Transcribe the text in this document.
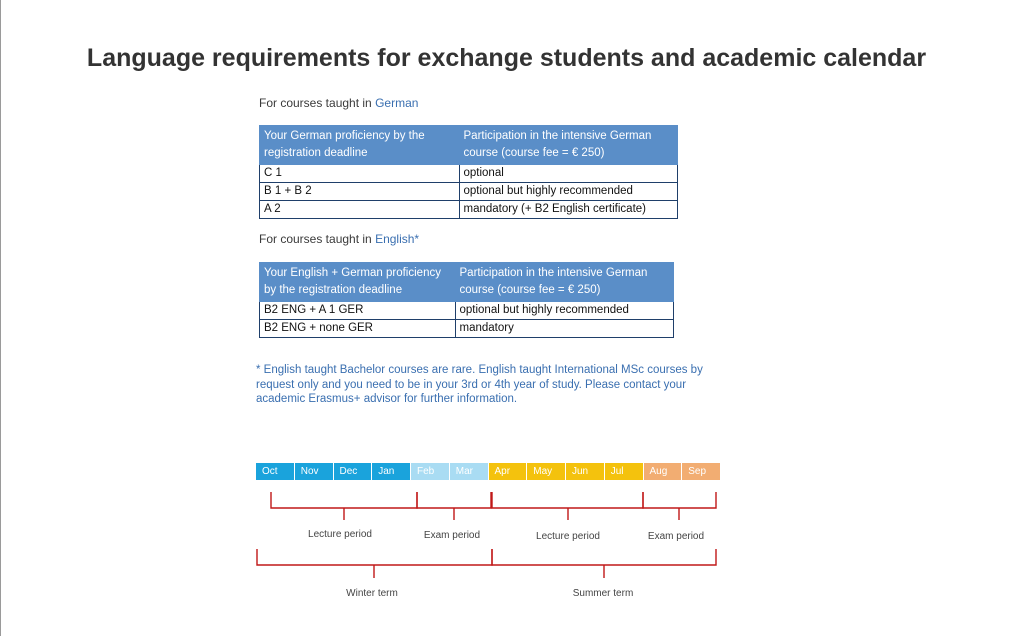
Language requirements for exchange students and academic calendar
For courses taught in German
Your German proficiency by the registration deadline	Participation in the intensive German course (course fee = € 250)
C 1	optional
B 1 + B 2	optional but highly recommended
A 2	mandatory (+ B2 English certificate)
For courses taught in English*
Your English + German proficiency by the registration deadline	Participation in the intensive German course (course fee = € 250)
B2 ENG + A 1 GER	optional but highly recommended
B2 ENG + none GER	mandatory

* English taught Bachelor courses are rare. English taught International MSc courses by request only and you need to be in your 3rd or 4th year of study. Please contact your academic Erasmus+ advisor for further information.

Oct	Nov	Dec	Jan	Feb	Mar	Apr	May	Jun	Jul	Aug	Sep
Lecture period	Exam period	Lecture period	Exam period
Winter term	Summer term
